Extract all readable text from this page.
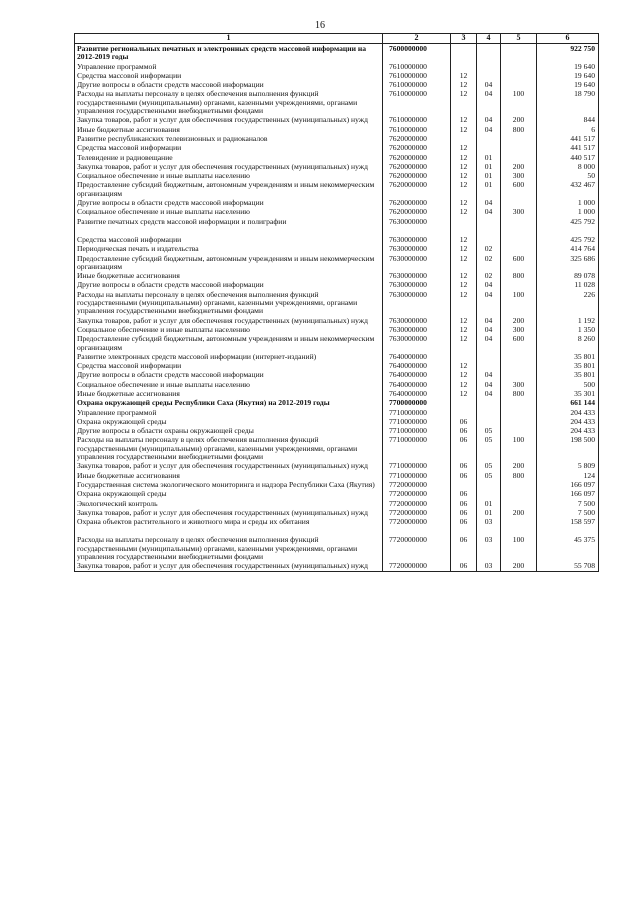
16
1	2	3	4	5	6
Развитие региональных печатных и электронных средств массовой информации на 2012-2019 годы	7600000000				922 750
Управление программой	7610000000				19 640
Средства массовой информации	7610000000	12			19 640
Другие вопросы в области средств массовой информации	7610000000	12	04		19 640
Расходы на выплаты персоналу в целях обеспечения выполнения функций государственными (муниципальными) органами, казенными учреждениями, органами управления государственными внебюджетными фондами	7610000000	12	04	100	18 790
Закупка товаров, работ и услуг для обеспечения государственных (муниципальных) нужд	7610000000	12	04	200	844
Иные бюджетные ассигнования	7610000000	12	04	800	6
Развитие республиканских телевизионных и радиоканалов	7620000000				441 517
Средства массовой информации	7620000000	12			441 517
Телевидение и радиовещание	7620000000	12	01		440 517
Закупка товаров, работ и услуг для обеспечения государственных (муниципальных) нужд	7620000000	12	01	200	8 000
Социальное обеспечение и иные выплаты населению	7620000000	12	01	300	50
Предоставление субсидий бюджетным, автономным учреждениям и иным некоммерческим организациям	7620000000	12	01	600	432 467
Другие вопросы в области средств массовой информации	7620000000	12	04		1 000
Социальное обеспечение и иные выплаты населению	7620000000	12	04	300	1 000
Развитие печатных средств массовой информации и полиграфии	7630000000				425 792
Средства массовой информации	7630000000	12			425 792
Периодическая печать и издательства	7630000000	12	02		414 764
Предоставление субсидий бюджетным, автономным учреждениям и иным некоммерческим организациям	7630000000	12	02	600	325 686
Иные бюджетные ассигнования	7630000000	12	02	800	89 078
Другие вопросы в области средств массовой информации	7630000000	12	04		11 028
Расходы на выплаты персоналу в целях обеспечения выполнения функций государственными (муниципальными) органами, казенными учреждениями, органами управления государственными внебюджетными фондами	7630000000	12	04	100	226
Закупка товаров, работ и услуг для обеспечения государственных (муниципальных) нужд	7630000000	12	04	200	1 192
Социальное обеспечение и иные выплаты населению	7630000000	12	04	300	1 350
Предоставление субсидий бюджетным, автономным учреждениям и иным некоммерческим организациям	7630000000	12	04	600	8 260
Развитие электронных средств массовой информации (интернет-изданий)	7640000000				35 801
Средства массовой информации	7640000000	12			35 801
Другие вопросы в области средств массовой информации	7640000000	12	04		35 801
Социальное обеспечение и иные выплаты населению	7640000000	12	04	300	500
Иные бюджетные ассигнования	7640000000	12	04	800	35 301
Охрана окружающей среды Республики Саха (Якутия) на 2012-2019 годы	7700000000				661 144
Управление программой	7710000000				204 433
Охрана окружающей среды	7710000000	06			204 433
Другие вопросы в области охраны окружающей среды	7710000000	06	05		204 433
Расходы на выплаты персоналу в целях обеспечения выполнения функций государственными (муниципальными) органами, казенными учреждениями, органами управления государственными внебюджетными фондами	7710000000	06	05	100	198 500
Закупка товаров, работ и услуг для обеспечения государственных (муниципальных) нужд	7710000000	06	05	200	5 809
Иные бюджетные ассигнования	7710000000	06	05	800	124
Государственная система экологического мониторинга и надзора Республики Саха (Якутия)	7720000000				166 097
Охрана окружающей среды	7720000000	06			166 097
Экологический контроль	7720000000	06	01		7 500
Закупка товаров, работ и услуг для обеспечения государственных (муниципальных) нужд	7720000000	06	01	200	7 500
Охрана объектов растительного и животного мира и среды их обитания	7720000000	06	03		158 597
Расходы на выплаты персоналу в целях обеспечения выполнения функций государственными (муниципальными) органами, казенными учреждениями, органами управления государственными внебюджетными фондами	7720000000	06	03	100	45 375
Закупка товаров, работ и услуг для обеспечения государственных (муниципальных) нужд	7720000000	06	03	200	55 708
